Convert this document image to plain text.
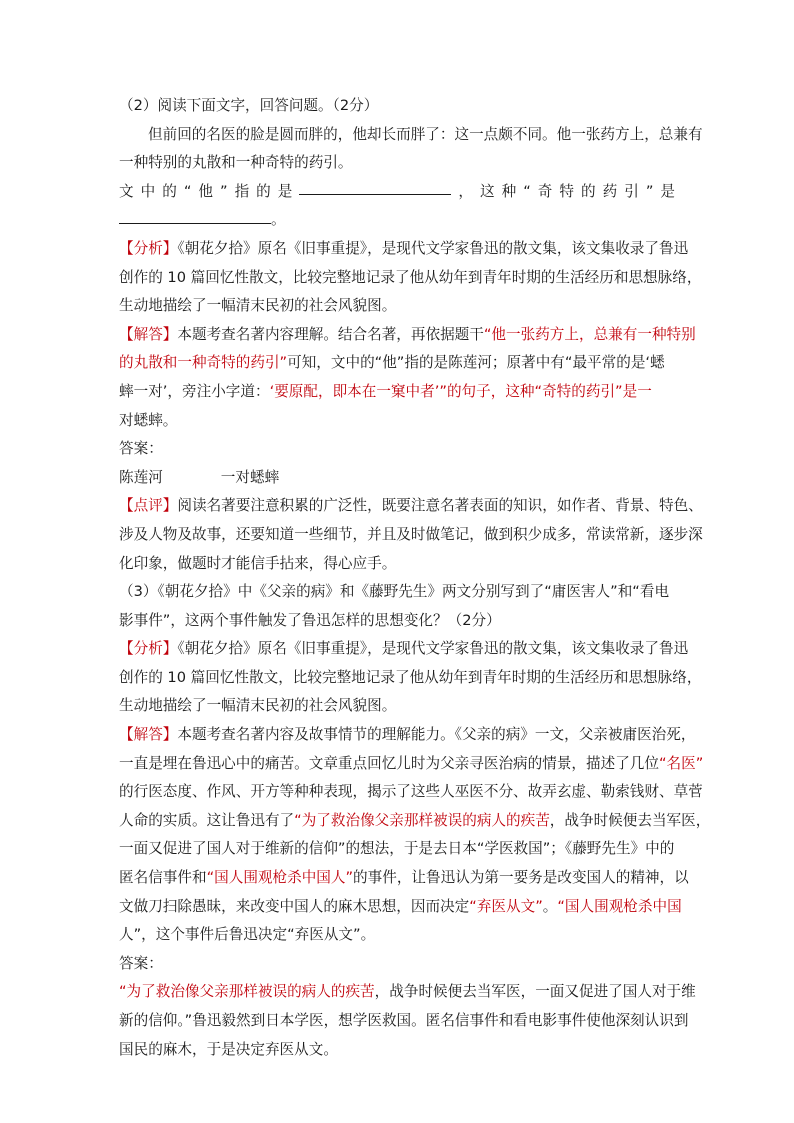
（2）阅读下面文字，回答问题。（2分）
但前回的名医的脸是圆而胖的，他却长而胖了：这一点颇不同。他一张药方上，总兼有
一种特别的丸散和一种奇特的药引。
文 中 的 “ 他 ” 指 的 是	， 这 种 “ 奇 特 的 药 引 ” 是
。
【分析】《朝花夕拾》原名《旧事重提》，是现代文学家鲁迅的散文集，该文集收录了鲁迅
创作的 10 篇回忆性散文，比较完整地记录了他从幼年到青年时期的生活经历和思想脉络，
生动地描绘了一幅清末民初的社会风貌图。
【解答】本题考查名著内容理解。结合名著，再依据题干“他一张药方上，总兼有一种特别
的丸散和一种奇特的药引”可知，文中的“他”指的是陈莲河；原著中有“最平常的是‘蟋
蟀一对’，旁注小字道：‘要原配，即本在一窠中者’”的句子，这种“奇特的药引”是一
对蟋蟀。
答案：
陈莲河	一对蟋蟀
【点评】阅读名著要注意积累的广泛性，既要注意名著表面的知识，如作者、背景、特色、
涉及人物及故事，还要知道一些细节，并且及时做笔记，做到积少成多，常读常新，逐步深
化印象，做题时才能信手拈来，得心应手。
（3）《朝花夕拾》中《父亲的病》和《藤野先生》两文分别写到了“庸医害人”和“看电
影事件”，这两个事件触发了鲁迅怎样的思想变化？（2分）
【分析】《朝花夕拾》原名《旧事重提》，是现代文学家鲁迅的散文集，该文集收录了鲁迅
创作的 10 篇回忆性散文，比较完整地记录了他从幼年到青年时期的生活经历和思想脉络，
生动地描绘了一幅清末民初的社会风貌图。
【解答】本题考查名著内容及故事情节的理解能力。《父亲的病》一文，父亲被庸医治死，
一直是埋在鲁迅心中的痛苦。文章重点回忆儿时为父亲寻医治病的情景，描述了几位“名医”
的行医态度、作风、开方等种种表现，揭示了这些人巫医不分、故弄玄虚、勒索钱财、草菅
人命的实质。这让鲁迅有了“为了救治像父亲那样被误的病人的疾苦，战争时候便去当军医，
一面又促进了国人对于维新的信仰”的想法，于是去日本“学医救国”；《藤野先生》中的
匿名信事件和“国人围观枪杀中国人”的事件，让鲁迅认为第一要务是改变国人的精神，以
文做刀扫除愚昧，来改变中国人的麻木思想，因而决定“弃医从文”。“国人围观枪杀中国
人”，这个事件后鲁迅决定“弃医从文”。
答案：
“为了救治像父亲那样被误的病人的疾苦，战争时候便去当军医，一面又促进了国人对于维
新的信仰。”鲁迅毅然到日本学医，想学医救国。匿名信事件和看电影事件使他深刻认识到
国民的麻木，于是决定弃医从文。
